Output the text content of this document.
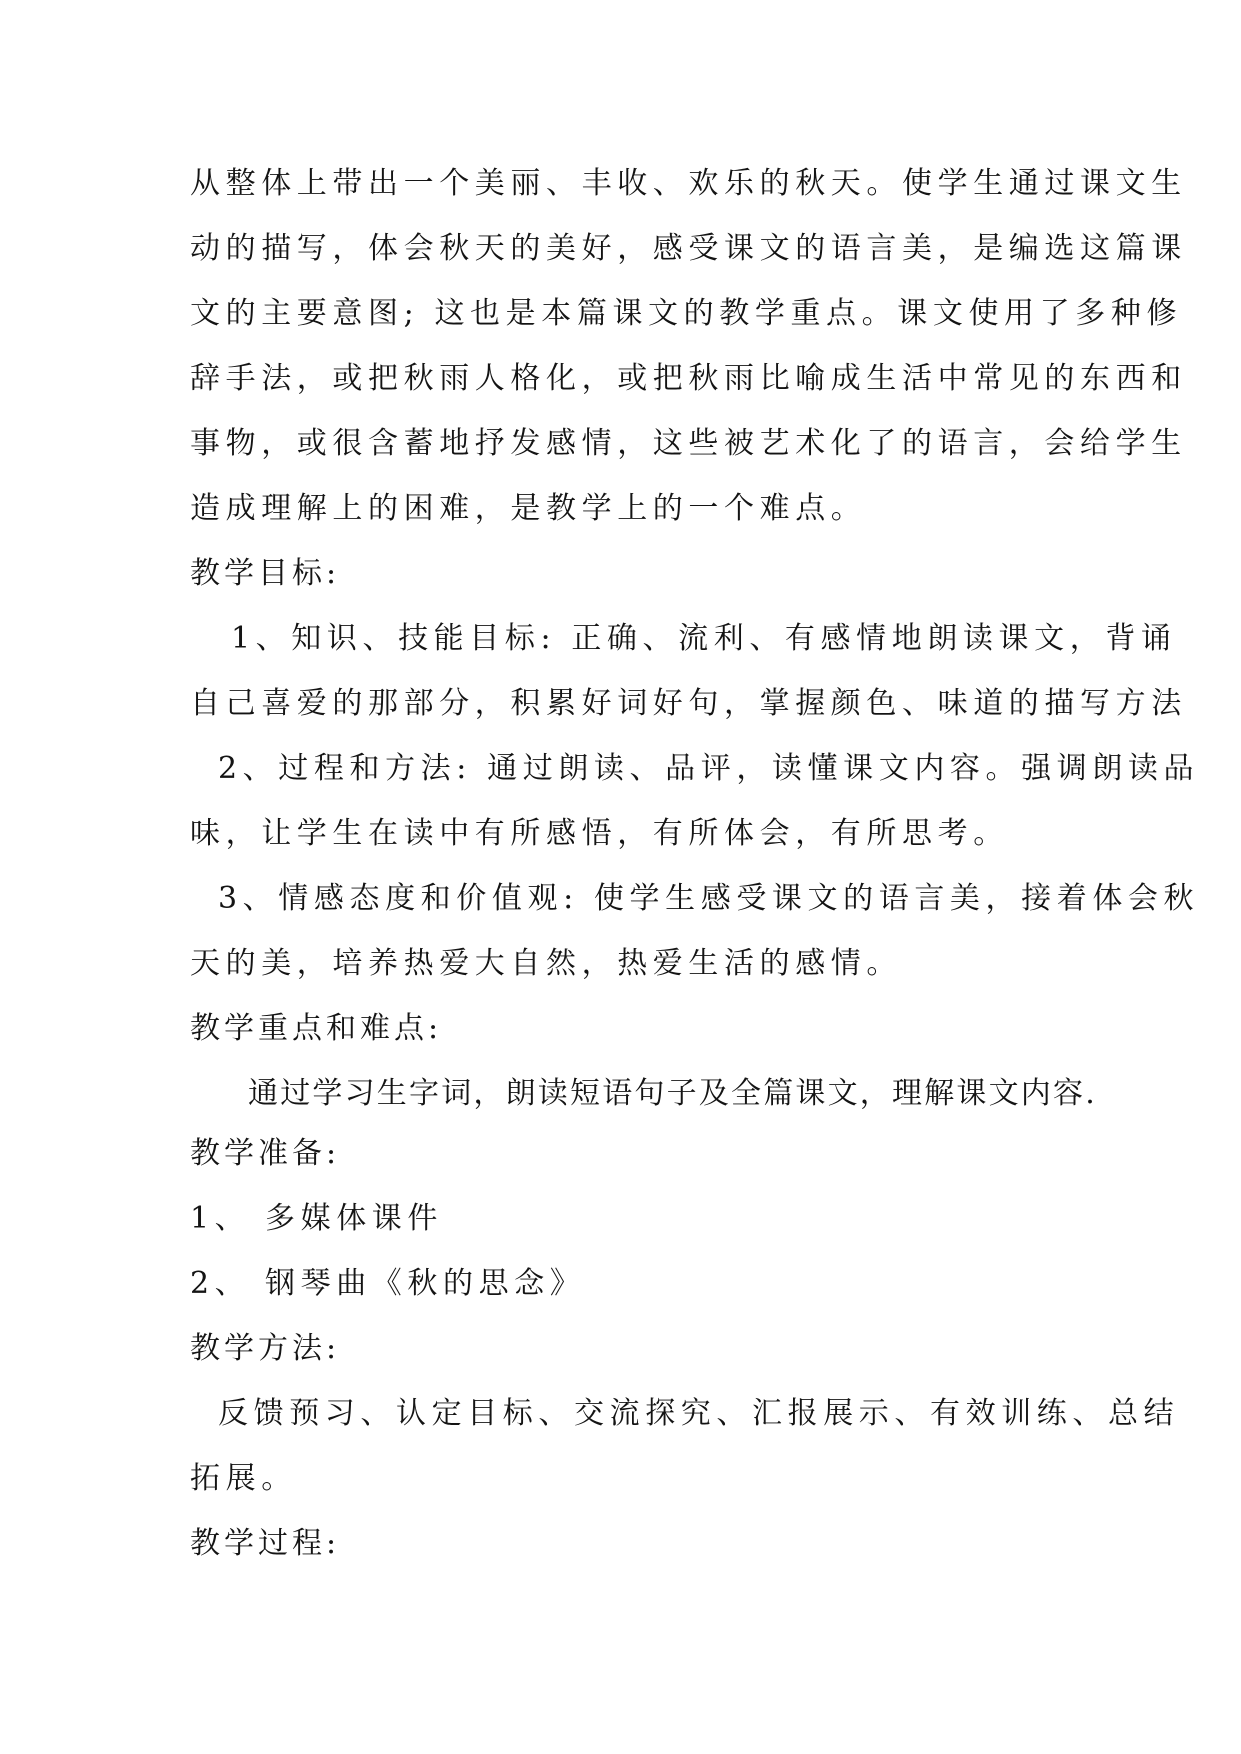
从整体上带出一个美丽、丰收、欢乐的秋天。使学生通过课文生
动的描写，体会秋天的美好，感受课文的语言美，是编选这篇课
文的主要意图; 这也是本篇课文的教学重点。课文使用了多种修
辞手法，或把秋雨人格化，或把秋雨比喻成生活中常见的东西和
事物，或很含蓄地抒发感情，这些被艺术化了的语言，会给学生
造成理解上的困难，是教学上的一个难点。
教学目标:
1、知识、技能目标: 正确、流利、有感情地朗读课文，背诵
自己喜爱的那部分，积累好词好句，掌握颜色、味道的描写方法
2、过程和方法: 通过朗读、品评，读懂课文内容。强调朗读品
味，让学生在读中有所感悟，有所体会，有所思考。
3、情感态度和价值观: 使学生感受课文的语言美，接着体会秋
天的美，培养热爱大自然，热爱生活的感情。
教学重点和难点:
通过学习生字词，朗读短语句子及全篇课文，理解课文内容.
教学准备:
1、 多媒体课件
2、 钢琴曲《秋的思念》
教学方法:
反馈预习、认定目标、交流探究、汇报展示、有效训练、总结
拓展。
教学过程:
